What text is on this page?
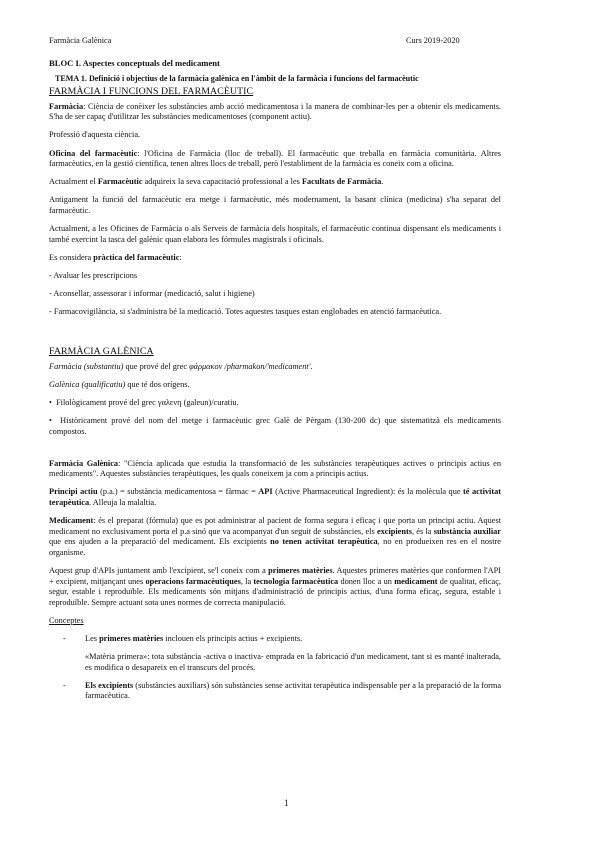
Farmàcia Galènica	Curs 2019-2020
BLOC I. Aspectes conceptuals del medicament
TEMA 1. Definició i objectius de la farmàcia galènica en l'àmbit de la farmàcia i funcions del farmacèutic
FARMÀCIA I FUNCIONS DEL FARMACÈUTIC

Farmàcia: Ciència de conèixer les substàncies amb acció medicamentosa i la manera de combinar-les per a obtenir els medicaments. S'ha de ser capaç d'utilitzar les substàncies medicamentoses (component actiu).

Professió d'aquesta ciència.

Oficina del farmacèutic: l'Oficina de Farmàcia (lloc de treball). El farmacèutic que treballa en farmàcia comunitària. Altres farmacèutics, en la gestió científica, tenen altres llocs de treball, però l'establiment de la farmàcia es coneix com a oficina.

Actualment el Farmacèutic adquireix la seva capacitació professional a les Facultats de Farmàcia.

Antigament la funció del farmacèutic era metge i farmacèutic, més modernament, la basant clínica (medicina) s'ha separat del farmacèutic.

Actualment, a les Oficines de Farmàcia o als Serveis de farmàcia dels hospitals, el farmacèutic continua dispensant els medicaments i també exercint la tasca del galènic quan elabora les fórmules magistrals i oficinals.

Es considera pràctica del farmacèutic:

- Avaluar les prescripcions

- Aconsellar, assessorar i informar (medicació, salut i higiene)

- Farmacovigilància, si s'administra bé la medicació. Totes aquestes tasques estan englobades en atenció farmacèutica.

FARMÀCIA GALÈNICA

Farmàcia (substantiu) que prové del grec φάρμακον /pharmakon/'medicament'.

Galènica (qualificatiu) que té dos orígens.

• Filològicament prové del grec γαλενη (galeun)/curatiu.

• Històricament prové del nom del metge i farmacèutic grec Galè de Pèrgam (130-200 dc) que sistematitzà els medicaments compostos.

Farmàcia Galènica: "Ciència aplicada que estudia la transformació de les substàncies terapèutiques actives o principis actius en medicaments". Aquestes substàncies terapèutiques, les quals coneixem ja com a principis actius.

Principi actiu (p.a.) = substància medicamentosa = fàrmac = API (Active Pharmaceutical Ingredient): és la molècula que té activitat terapèutica. Alleuja la malaltia.

Medicament: és el preparat (fórmula) que es pot administrar al pacient de forma segura i eficaç i que porta un principi actiu. Aquest medicament no exclusivament porta el p.a sinó que va acompanyat d'un seguit de substàncies, els excipients, és la substància auxiliar que ens ajuden a la preparació del medicament. Els excipients no tenen activitat terapèutica, no en produeixen res en el nostre organisme.

Aquest grup d'APIs juntament amb l'excipient, se'l coneix com a primeres matèries. Aquestes primeres matèries que conformen l'API + excipient, mitjançant unes operacions farmacèutiques, la tecnologia farmacèutica donen lloc a un medicament de qualitat, eficaç, segur, estable i reproduïble. Els medicaments són mitjans d'administració de principis actius, d'una forma eficaç, segura, estable i reproduïble. Sempre actuant sota unes normes de correcta manipulació.

Conceptes

- Les primeres matèries inclouen els principis actius + excipients.

«Matèria primera»: tota substància -activa o inactiva- emprada en la fabricació d'un medicament, tant si es manté inalterada, es modifica o desapareix en el transcurs del procés.

- Els excipients (substàncies auxiliars) són substàncies sense activitat terapèutica indispensable per a la preparació de la forma farmacèutica.

1
